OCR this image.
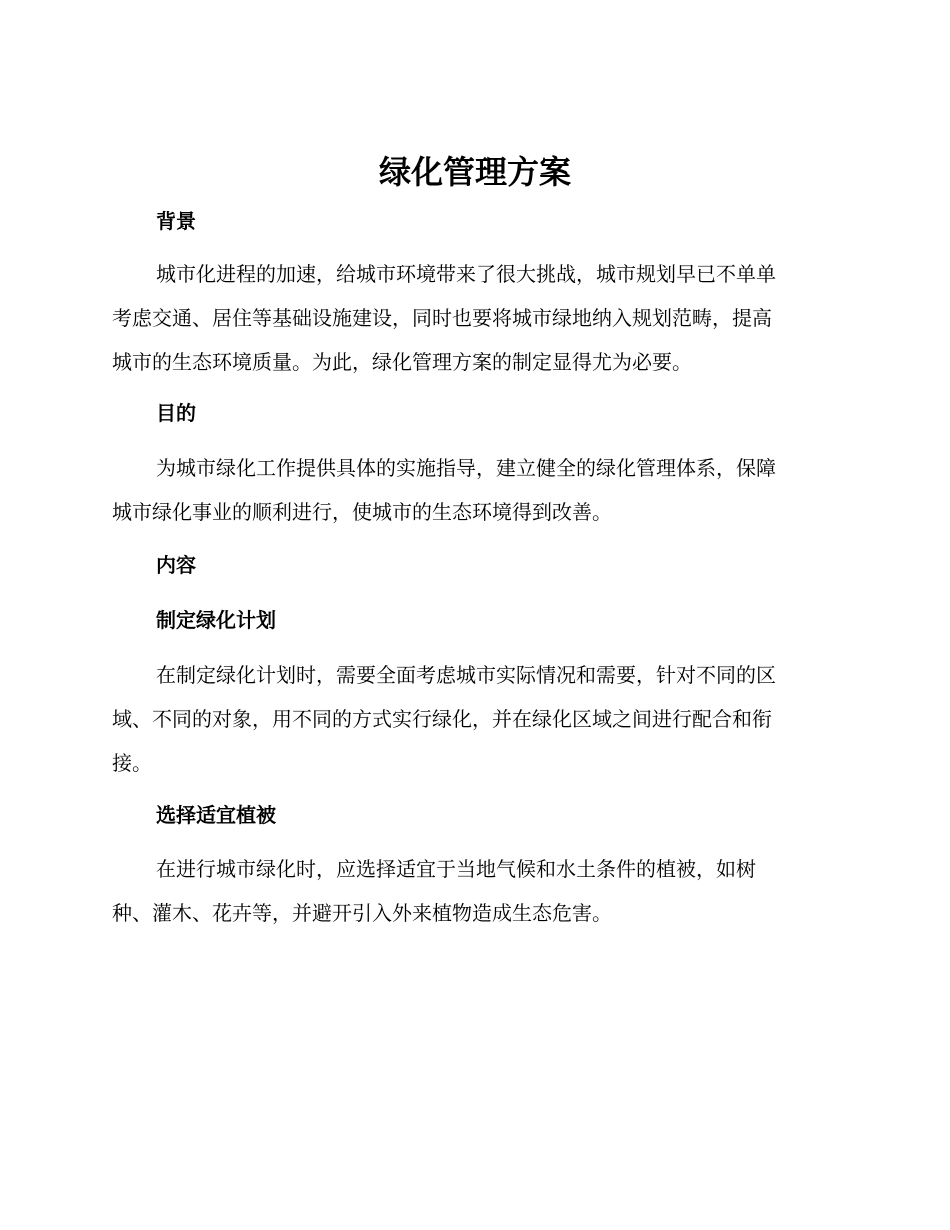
绿化管理方案
背景
城市化进程的加速，给城市环境带来了很大挑战，城市规划早已不单单
考虑交通、居住等基础设施建设，同时也要将城市绿地纳入规划范畴，提高
城市的生态环境质量。为此，绿化管理方案的制定显得尤为必要。
目的
为城市绿化工作提供具体的实施指导，建立健全的绿化管理体系，保障
城市绿化事业的顺利进行，使城市的生态环境得到改善。
内容
制定绿化计划
在制定绿化计划时，需要全面考虑城市实际情况和需要，针对不同的区
域、不同的对象，用不同的方式实行绿化，并在绿化区域之间进行配合和衔
接。
选择适宜植被
在进行城市绿化时，应选择适宜于当地气候和水土条件的植被，如树
种、灌木、花卉等，并避开引入外来植物造成生态危害。
